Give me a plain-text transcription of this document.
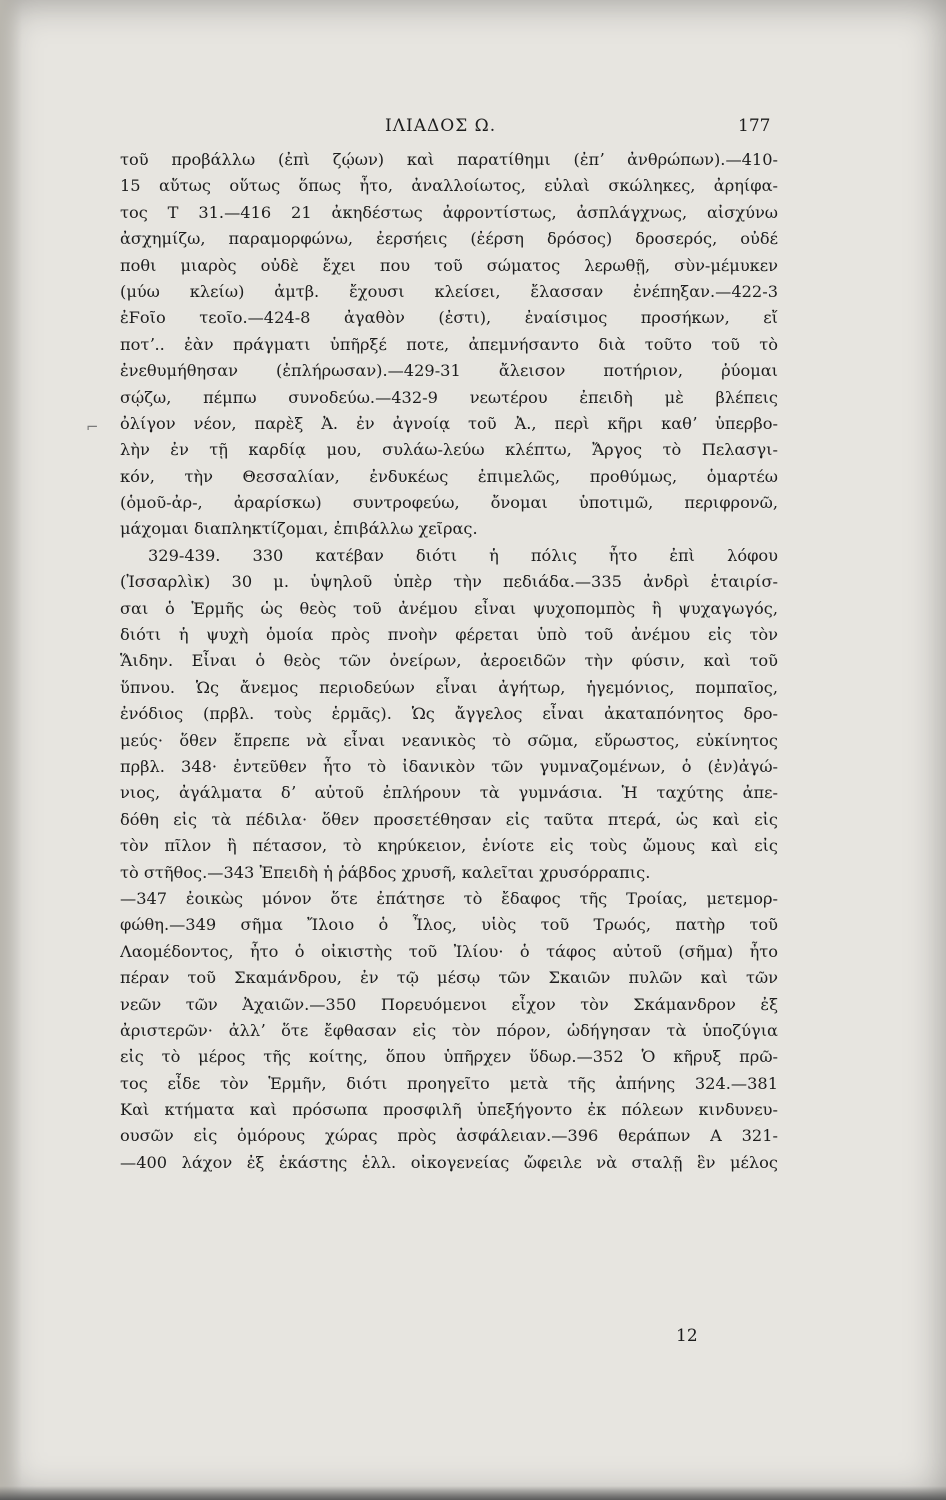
ΙΛΙΑΔΟΣ Ω.	177
⌐
τοῦ προβάλλω (ἐπὶ ζῴων) καὶ παρατίθημι (ἐπʼ ἀνθρώπων).—410-
15 αὔτως οὕτως ὅπως ἦτο, ἀναλλοίωτος, εὐλαὶ σκώληκες, ἀρηίφα-
τος Τ 31.—416 21 ἀκηδέστως ἀφροντίστως, ἀσπλάγχνως, αἰσχύνω
ἀσχημίζω, παραμορφώνω, ἐερσήεις (ἐέρση δρόσος) δροσερός, οὐδέ
ποθι μιαρὸς οὐδὲ ἔχει που τοῦ σώματος λερωθῇ, σὺν-μέμυκεν
(μύω κλείω) ἀμτβ. ἔχουσι κλείσει, ἔλασσαν ἐνέπηξαν.—422-3
ἐϜοῖο τεοῖο.—424-8 ἀγαθὸν (ἐστι), ἐναίσιμος προσήκων, εἴ
ποτʼ.. ἐὰν πράγματι ὑπῆρξέ ποτε, ἀπεμνήσαντο διὰ τοῦτο τοῦ τὸ
ἐνεθυμήθησαν (ἐπλήρωσαν).—429-31 ἄλεισον ποτήριον, ῥύομαι
σῴζω, πέμπω συνοδεύω.—432-9 νεωτέρου ἐπειδὴ μὲ βλέπεις
ὀλίγον νέον, παρὲξ Ἀ. ἐν ἀγνοίᾳ τοῦ Ἀ., περὶ κῆρι καθʼ ὑπερβο-
λὴν ἐν τῇ καρδίᾳ μου, συλάω-λεύω κλέπτω, Ἄργος τὸ Πελασγι-
κόν, τὴν Θεσσαλίαν, ἐνδυκέως ἐπιμελῶς, προθύμως, ὁμαρτέω
(ὁμοῦ-ἀρ-, ἀραρίσκω) συντροφεύω, ὄνομαι ὑποτιμῶ, περιφρονῶ,
μάχομαι διαπληκτίζομαι, ἐπιβάλλω χεῖρας.
329-439. 330 κατέβαν διότι ἡ πόλις ἦτο ἐπὶ λόφου
(Ἰσσαρλὶκ) 30 μ. ὑψηλοῦ ὑπὲρ τὴν πεδιάδα.—335 ἀνδρὶ ἑταιρίσ-
σαι ὁ Ἑρμῆς ὡς θεὸς τοῦ ἀνέμου εἶναι ψυχοπομπὸς ἢ ψυχαγωγός,
διότι ἡ ψυχὴ ὁμοία πρὸς πνοὴν φέρεται ὑπὸ τοῦ ἀνέμου εἰς τὸν
Ἅιδην. Εἶναι ὁ θεὸς τῶν ὀνείρων, ἀεροειδῶν τὴν φύσιν, καὶ τοῦ
ὕπνου. Ὡς ἄνεμος περιοδεύων εἶναι ἀγήτωρ, ἡγεμόνιος, πομπαῖος,
ἐνόδιος (πρβλ. τοὺς ἑρμᾶς). Ὡς ἄγγελος εἶναι ἀκαταπόνητος δρο-
μεύς· ὅθεν ἔπρεπε νὰ εἶναι νεανικὸς τὸ σῶμα, εὔρωστος, εὐκίνητος
πρβλ. 348· ἐντεῦθεν ἦτο τὸ ἰδανικὸν τῶν γυμναζομένων, ὁ (ἐν)ἀγώ-
νιος, ἀγάλματα δʼ αὐτοῦ ἐπλήρουν τὰ γυμνάσια. Ἡ ταχύτης ἀπε-
δόθη εἰς τὰ πέδιλα· ὅθεν προσετέθησαν εἰς ταῦτα πτερά, ὡς καὶ εἰς
τὸν πῖλον ἢ πέτασον, τὸ κηρύκειον, ἐνίοτε εἰς τοὺς ὤμους καὶ εἰς
τὸ στῆθος.—343 Ἐπειδὴ ἡ ῥάβδος χρυσῆ, καλεῖται χρυσόρραπις.
—347 ἐοικὼς μόνον ὅτε ἐπάτησε τὸ ἔδαφος τῆς Τροίας, μετεμορ-
φώθη.—349 σῆμα Ἴλοιο ὁ Ἶλος, υἱὸς τοῦ Τρωός, πατὴρ τοῦ
Λαομέδοντος, ἦτο ὁ οἰκιστὴς τοῦ Ἰλίου· ὁ τάφος αὐτοῦ (σῆμα) ἦτο
πέραν τοῦ Σκαμάνδρου, ἐν τῷ μέσῳ τῶν Σκαιῶν πυλῶν καὶ τῶν
νεῶν τῶν Ἀχαιῶν.—350 Πορευόμενοι εἶχον τὸν Σκάμανδρον ἐξ
ἀριστερῶν· ἀλλʼ ὅτε ἔφθασαν εἰς τὸν πόρον, ὡδήγησαν τὰ ὑποζύγια
εἰς τὸ μέρος τῆς κοίτης, ὅπου ὑπῆρχεν ὕδωρ.—352 Ὁ κῆρυξ πρῶ-
τος εἶδε τὸν Ἑρμῆν, διότι προηγεῖτο μετὰ τῆς ἀπήνης 324.—381
Καὶ κτήματα καὶ πρόσωπα προσφιλῆ ὑπεξήγοντο ἐκ πόλεων κινδυνευ-
ουσῶν εἰς ὁμόρους χώρας πρὸς ἀσφάλειαν.—396 θεράπων Α 321-
—400 λάχον ἐξ ἑκάστης ἑλλ. οἰκογενείας ὤφειλε νὰ σταλῇ ἓν μέλος
12
